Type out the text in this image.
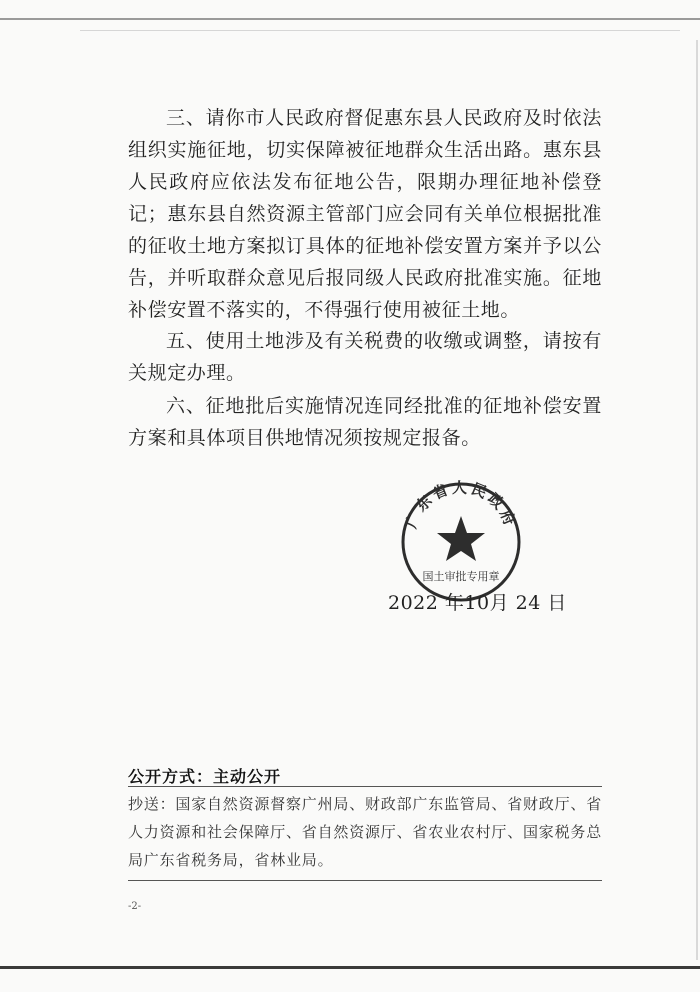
三、请你市人民政府督促惠东县人民政府及时依法组织实施征地，切实保障被征地群众生活出路。惠东县人民政府应依法发布征地公告，限期办理征地补偿登记；惠东县自然资源主管部门应会同有关单位根据批准的征收土地方案拟订具体的征地补偿安置方案并予以公告，并听取群众意见后报同级人民政府批准实施。征地补偿安置不落实的，不得强行使用被征土地。

五、使用土地涉及有关税费的收缴或调整，请按有关规定办理。

六、征地批后实施情况连同经批准的征地补偿安置方案和具体项目供地情况须按规定报备。

广东省人民政府
国土审批专用章
2022 年10月 24 日
公开方式：主动公开

抄送：国家自然资源督察广州局、财政部广东监管局、省财政厅、省人力资源和社会保障厅、省自然资源厅、省农业农村厅、国家税务总局广东省税务局，省林业局。

-2-
